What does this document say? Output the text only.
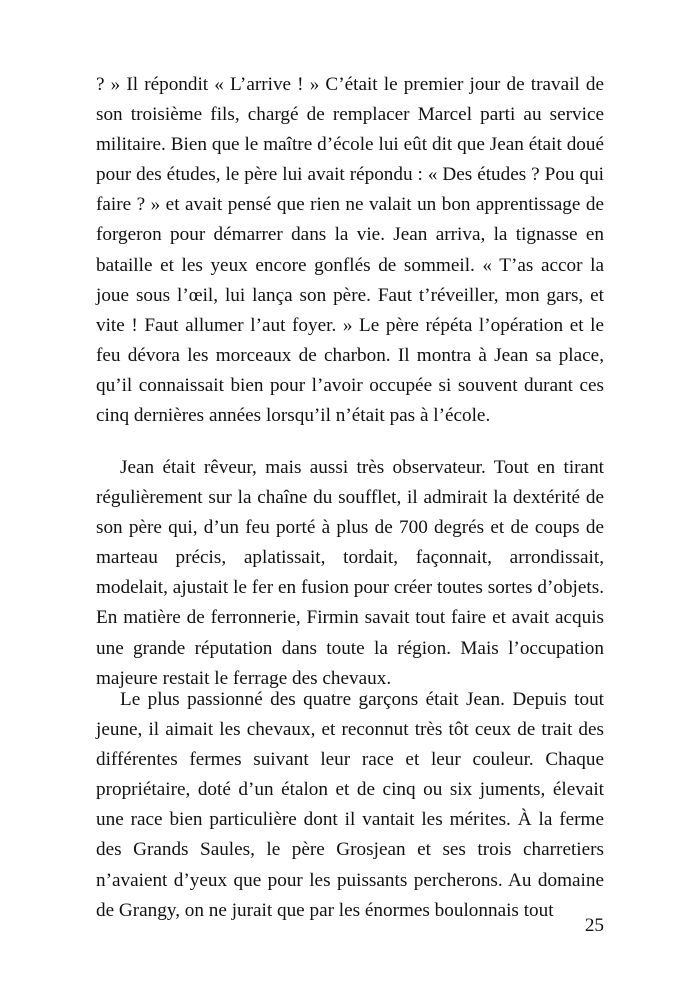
? » Il répondit « L’arrive ! » C’était le premier jour de travail de son troisième fils, chargé de remplacer Marcel parti au service militaire. Bien que le maître d’école lui eût dit que Jean était doué pour des études, le père lui avait répondu : « Des études ? Pou qui faire ? » et avait pensé que rien ne valait un bon apprentissage de forgeron pour démarrer dans la vie. Jean arriva, la tignasse en bataille et les yeux encore gonflés de sommeil. « T’as accor la joue sous l’œil, lui lança son père. Faut t’réveiller, mon gars, et vite ! Faut allumer l’aut foyer. » Le père répéta l’opération et le feu dévora les morceaux de charbon. Il montra à Jean sa place, qu’il connaissait bien pour l’avoir occupée si souvent durant ces cinq dernières années lorsqu’il n’était pas à l’école.

Jean était rêveur, mais aussi très observateur. Tout en tirant régulièrement sur la chaîne du soufflet, il admirait la dextérité de son père qui, d’un feu porté à plus de 700 degrés et de coups de marteau précis, aplatissait, tordait, façonnait, arrondissait, modelait, ajustait le fer en fusion pour créer toutes sortes d’objets. En matière de ferronnerie, Firmin savait tout faire et avait acquis une grande réputation dans toute la région. Mais l’occupation majeure restait le ferrage des chevaux.

Le plus passionné des quatre garçons était Jean. Depuis tout jeune, il aimait les chevaux, et reconnut très tôt ceux de trait des différentes fermes suivant leur race et leur couleur. Chaque propriétaire, doté d’un étalon et de cinq ou six juments, élevait une race bien particulière dont il vantait les mérites. À la ferme des Grands Saules, le père Grosjean et ses trois charretiers n’avaient d’yeux que pour les puissants percherons. Au domaine de Grangy, on ne jurait que par les énormes boulonnais tout

25
